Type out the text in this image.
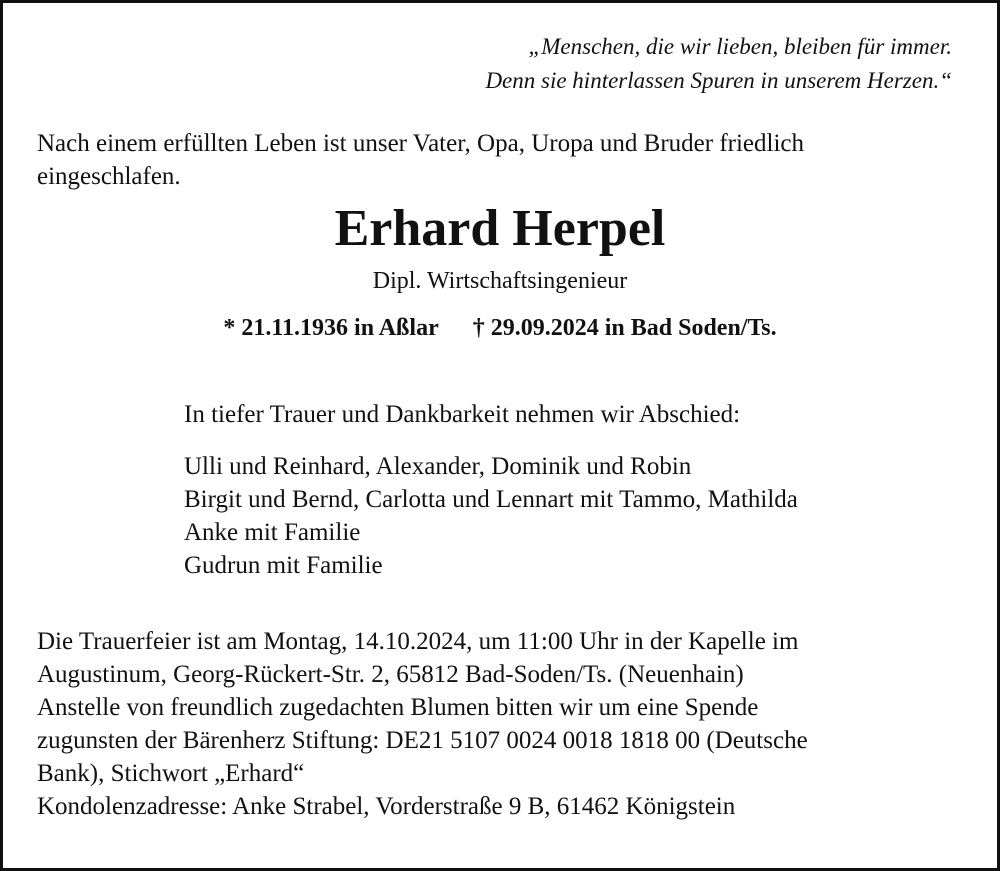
„Menschen, die wir lieben, bleiben für immer.
Denn sie hinterlassen Spuren in unserem Herzen.“
Nach einem erfüllten Leben ist unser Vater, Opa, Uropa und Bruder friedlich
eingeschlafen.
Erhard Herpel
Dipl. Wirtschaftsingenieur
* 21.11.1936 in Aßlar † 29.09.2024 in Bad Soden/Ts.
In tiefer Trauer und Dankbarkeit nehmen wir Abschied:
Ulli und Reinhard, Alexander, Dominik und Robin
Birgit und Bernd, Carlotta und Lennart mit Tammo, Mathilda
Anke mit Familie
Gudrun mit Familie
Die Trauerfeier ist am Montag, 14.10.2024, um 11:00 Uhr in der Kapelle im
Augustinum, Georg-Rückert-Str. 2, 65812 Bad-Soden/Ts. (Neuenhain)
Anstelle von freundlich zugedachten Blumen bitten wir um eine Spende
zugunsten der Bärenherz Stiftung: DE21 5107 0024 0018 1818 00 (Deutsche
Bank), Stichwort „Erhard“
Kondolenzadresse: Anke Strabel, Vorderstraße 9 B, 61462 Königstein
